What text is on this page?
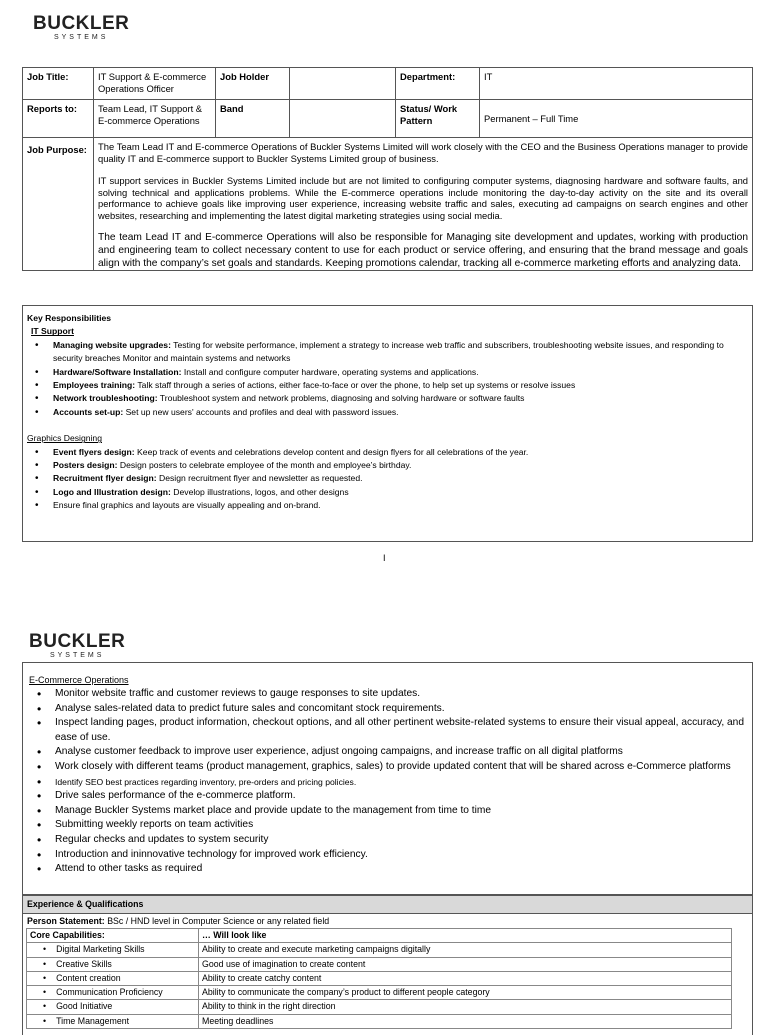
BUCKLER
SYSTEMS
Job Title:	IT Support & E-commerce Operations Officer	Job Holder		Department:	IT
Reports to:	Team Lead, IT Support & E-commerce Operations	Band		Status/ Work Pattern	Permanent – Full Time
Job Purpose:	The Team Lead IT and E-commerce Operations of Buckler Systems Limited will work closely with the CEO and the Business Operations manager to provide quality IT and E-commerce support to Buckler Systems Limited group of business.

IT support services in Buckler Systems Limited include but are not limited to configuring computer systems, diagnosing hardware and software faults, and solving technical and applications problems. While the E-commerce operations include monitoring the day-to-day activity on the site and its overall performance to achieve goals like improving user experience, increasing website traffic and sales, executing ad campaigns on search engines and other websites, researching and implementing the latest digital marketing strategies using social media.

The team Lead IT and E-commerce Operations will also be responsible for Managing site development and updates, working with production and engineering team to collect necessary content to use for each product or service offering, and ensuring that the brand message and goals align with the company’s set goals and standards. Keeping promotions calendar, tracking all e-commerce marketing efforts and analyzing data.				

Key Responsibilities
IT Support
• Managing website upgrades: Testing for website performance, implement a strategy to increase web traffic and subscribers, troubleshooting website issues, and responding to security breaches Monitor and maintain systems and networks
• Hardware/Software Installation: Install and configure computer hardware, operating systems and applications.
• Employees training: Talk staff through a series of actions, either face-to-face or over the phone, to help set up systems or resolve issues
• Network troubleshooting: Troubleshoot system and network problems, diagnosing and solving hardware or software faults
• Accounts set-up: Set up new users' accounts and profiles and deal with password issues.
Graphics Designing
• Event flyers design: Keep track of events and celebrations develop content and design flyers for all celebrations of the year.
• Posters design: Design posters to celebrate employee of the month and employee’s birthday.
• Recruitment flyer design: Design recruitment flyer and newsletter as requested.
• Logo and Illustration design: Develop illustrations, logos, and other designs
• Ensure final graphics and layouts are visually appealing and on-brand.
I
BUCKLER
SYSTEMS
E-Commerce Operations
• Monitor website traffic and customer reviews to gauge responses to site updates.
• Analyse sales-related data to predict future sales and concomitant stock requirements.
• Inspect landing pages, product information, checkout options, and all other pertinent website-related systems to ensure their visual appeal, accuracy, and ease of use.
• Analyse customer feedback to improve user experience, adjust ongoing campaigns, and increase traffic on all digital platforms
• Work closely with different teams (product management, graphics, sales) to provide updated content that will be shared across e-Commerce platforms
• Identify SEO best practices regarding inventory, pre-orders and pricing policies.
• Drive sales performance of the e-commerce platform.
• Manage Buckler Systems market place and provide update to the management from time to time
• Submitting weekly reports on team activities
• Regular checks and updates to system security
• Introduction and ininnovative technology for improved work efficiency.
• Attend to other tasks as required
Experience & Qualifications
Person Statement: BSc / HND level in Computer Science or any related field
Core Capabilities:	… Will look like
• Digital Marketing Skills	Ability to create and execute marketing campaigns digitally
• Creative Skills	Good use of imagination to create content
• Content creation	Ability to create catchy content
• Communication Proficiency	Ability to communicate the company’s product to different people category
• Good Initiative	Ability to think in the right direction
• Time Management	Meeting deadlines
